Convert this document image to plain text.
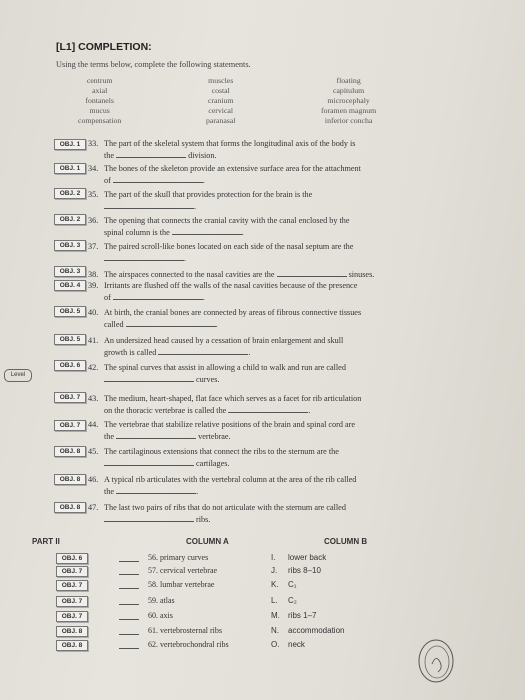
[L1] COMPLETION:
Using the terms below, complete the following statements.
centrum
axial
fontanels
mucus
compensation
muscles
costal
cranium
cervical
paranasal
floating
capitulum
microcephaly
foramen magnum
inferior concha
OBJ. 1 33. The part of the skeletal system that forms the longitudinal axis of the body is
the	division.
OBJ. 1 34. The bones of the skeleton provide an extensive surface area for the attachment
of	.
OBJ. 2 35. The part of the skull that provides protection for the brain is the
.
OBJ. 2 36. The opening that connects the cranial cavity with the canal enclosed by the
spinal column is the	.
OBJ. 3 37. The paired scroll-like bones located on each side of the nasal septum are the
.
OBJ. 3 38. The airspaces connected to the nasal cavities are the	sinuses.
OBJ. 4 39. Irritants are flushed off the walls of the nasal cavities because of the presence
of	.
OBJ. 5 40. At birth, the cranial bones are connected by areas of fibrous connective tissues
called	.
OBJ. 5 41. An undersized head caused by a cessation of brain enlargement and skull
growth is called	.
Level
OBJ. 6 42. The spinal curves that assist in allowing a child to walk and run are called
curves.
OBJ. 7 43. The medium, heart-shaped, flat face which serves as a facet for rib articulation
on the thoracic vertebrae is called the	.
OBJ. 7 44. The vertebrae that stabilize relative positions of the brain and spinal cord are
the	vertebrae.
OBJ. 8 45. The cartilaginous extensions that connect the ribs to the sternum are the
cartilages.
OBJ. 8 46. A typical rib articulates with the vertebral column at the area of the rib called
the	.
OBJ. 8 47. The last two pairs of ribs that do not articulate with the sternum are called
ribs.
PART II	COLUMN A	COLUMN B
OBJ. 6	56. primary curves	I. lower back
OBJ. 7	57. cervical vertebrae	J. ribs 8–10
OBJ. 7	58. lumbar vertebrae	K. C₁
OBJ. 7	59. atlas	L. C₂
OBJ. 7	60. axis	M. ribs 1–7
OBJ. 8	61. vertebrosternal ribs	N. accommodation
OBJ. 8	62. vertebrochondral ribs	O. neck
